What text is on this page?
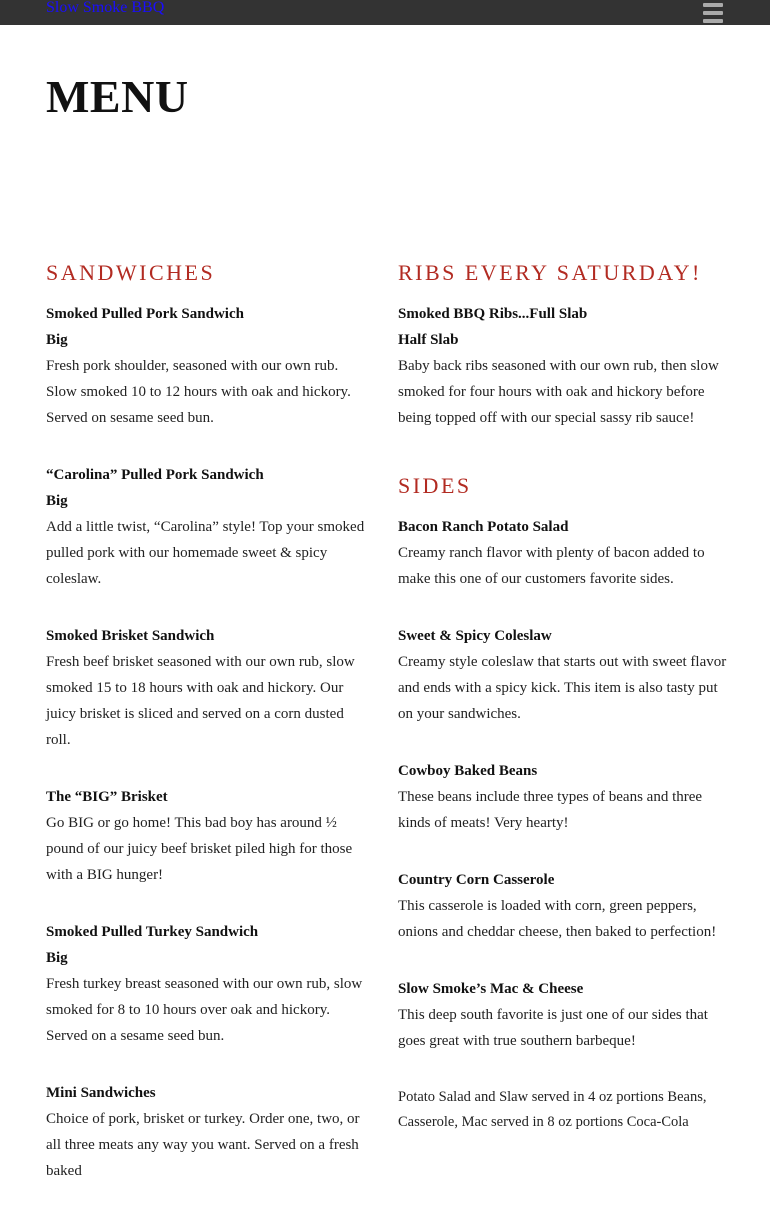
Slow Smoke BBQ
MENU
SANDWICHES
Smoked Pulled Pork Sandwich
Big
Fresh pork shoulder, seasoned with our own rub. Slow smoked 10 to 12 hours with oak and hickory. Served on sesame seed bun.
“Carolina” Pulled Pork Sandwich
Big
Add a little twist, “Carolina” style! Top your smoked pulled pork with our homemade sweet & spicy coleslaw.
Smoked Brisket Sandwich
Fresh beef brisket seasoned with our own rub, slow smoked 15 to 18 hours with oak and hickory. Our juicy brisket is sliced and served on a corn dusted roll.
The “BIG” Brisket
Go BIG or go home! This bad boy has around ½ pound of our juicy beef brisket piled high for those with a BIG hunger!
Smoked Pulled Turkey Sandwich
Big
Fresh turkey breast seasoned with our own rub, slow smoked for 8 to 10 hours over oak and hickory. Served on a sesame seed bun.
Mini Sandwiches
Choice of pork, brisket or turkey. Order one, two, or all three meats any way you want. Served on a fresh baked
RIBS EVERY SATURDAY!
Smoked BBQ Ribs...Full Slab
Half Slab
Baby back ribs seasoned with our own rub, then slow smoked for four hours with oak and hickory before being topped off with our special sassy rib sauce!
SIDES
Bacon Ranch Potato Salad
Creamy ranch flavor with plenty of bacon added to make this one of our customers favorite sides.
Sweet & Spicy Coleslaw
Creamy style coleslaw that starts out with sweet flavor and ends with a spicy kick. This item is also tasty put on your sandwiches.
Cowboy Baked Beans
These beans include three types of beans and three kinds of meats! Very hearty!
Country Corn Casserole
This casserole is loaded with corn, green peppers, onions and cheddar cheese, then baked to perfection!
Slow Smoke’s Mac & Cheese
This deep south favorite is just one of our sides that goes great with true southern barbeque!

Potato Salad and Slaw served in 4 oz portions Beans, Casserole, Mac served in 8 oz portions Coca-Cola
